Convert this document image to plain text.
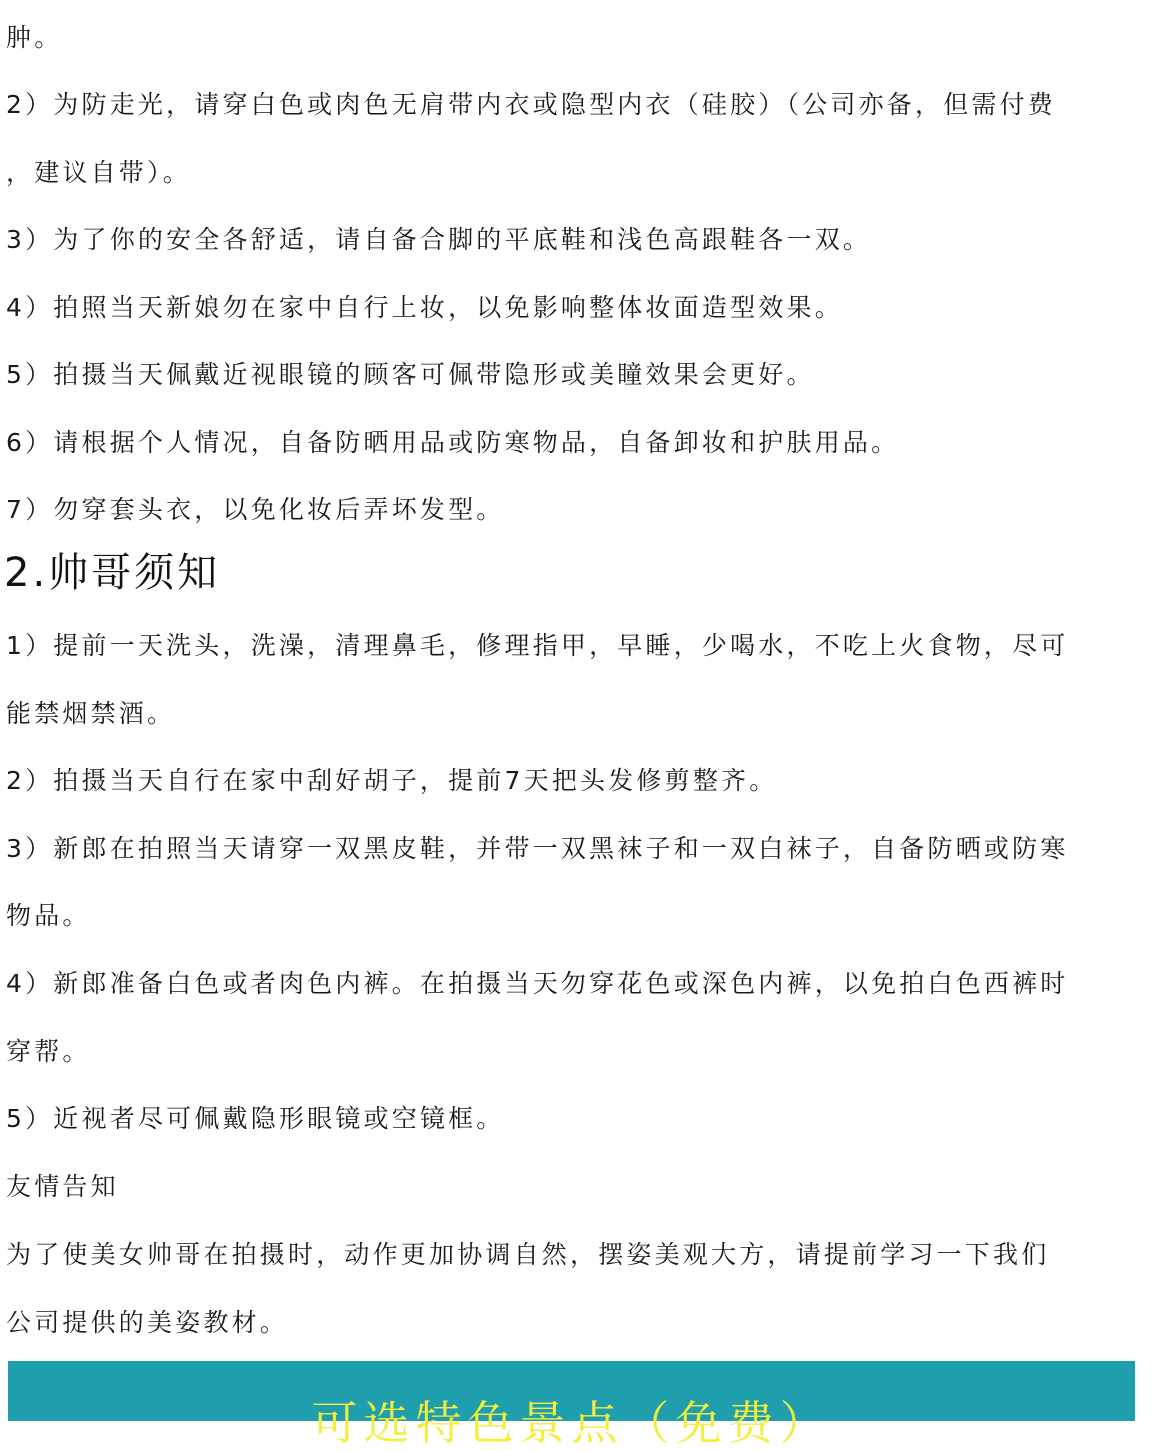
肿。
2）为防走光，请穿白色或肉色无肩带内衣或隐型内衣（硅胶）（公司亦备，但需付费
，建议自带）。
3）为了你的安全各舒适，请自备合脚的平底鞋和浅色高跟鞋各一双。
4）拍照当天新娘勿在家中自行上妆，以免影响整体妆面造型效果。
5）拍摄当天佩戴近视眼镜的顾客可佩带隐形或美瞳效果会更好。
6）请根据个人情况，自备防晒用品或防寒物品，自备卸妆和护肤用品。
7）勿穿套头衣，以免化妆后弄坏发型。
2.帅哥须知
1）提前一天洗头，洗澡，清理鼻毛，修理指甲，早睡，少喝水，不吃上火食物，尽可
能禁烟禁酒。
2）拍摄当天自行在家中刮好胡子，提前7天把头发修剪整齐。
3）新郎在拍照当天请穿一双黑皮鞋，并带一双黑袜子和一双白袜子，自备防晒或防寒
物品。
4）新郎准备白色或者肉色内裤。在拍摄当天勿穿花色或深色内裤，以免拍白色西裤时
穿帮。
5）近视者尽可佩戴隐形眼镜或空镜框。
友情告知
为了使美女帅哥在拍摄时，动作更加协调自然，摆姿美观大方，请提前学习一下我们
公司提供的美姿教材。
可选特色景点（免费）
